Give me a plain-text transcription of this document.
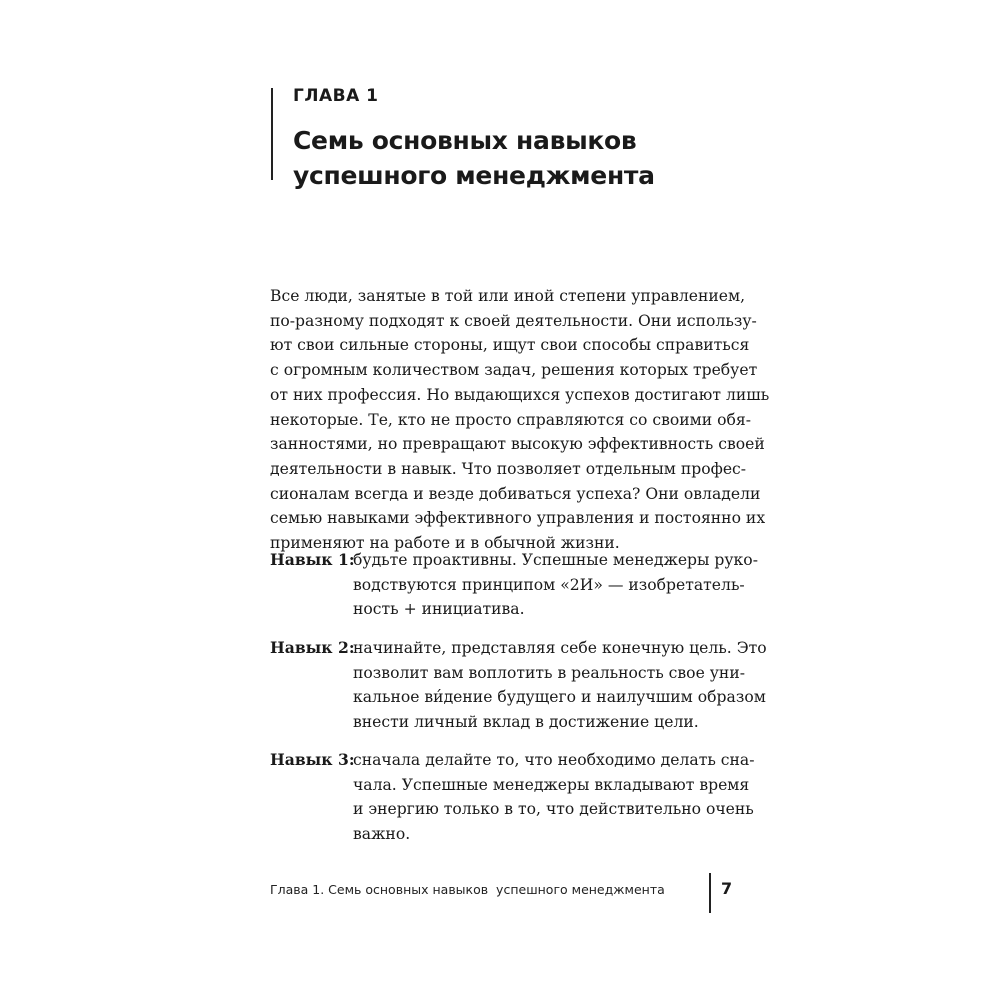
ГЛАВА 1
Семь основных навыков
успешного менеджмента
Все люди, занятые в той или иной степени управлением,
по-разному подходят к своей деятельности. Они использу-
ют свои сильные стороны, ищут свои способы справиться
с огромным количеством задач, решения которых требует
от них профессия. Но выдающихся успехов достигают лишь
некоторые. Те, кто не просто справляются со своими обя-
занностями, но превращают высокую эффективность своей
деятельности в навык. Что позволяет отдельным профес-
сионалам всегда и везде добиваться успеха? Они овладели
семью навыками эффективного управления и постоянно их
применяют на работе и в обычной жизни.
Навык 1:
будьте проактивны. Успешные менеджеры руко-
водствуются принципом «2И» — изобретатель-
ность + инициатива.
Навык 2:
начинайте, представляя себе конечную цель. Это
позволит вам воплотить в реальность свое уни-
кальное ви́дение будущего и наилучшим образом
внести личный вклад в достижение цели.
Навык 3:
сначала делайте то, что необходимо делать сна-
чала. Успешные менеджеры вкладывают время
и энергию только в то, что действительно очень
важно.
Глава 1. Семь основных навыков  успешного менеджмента	7
